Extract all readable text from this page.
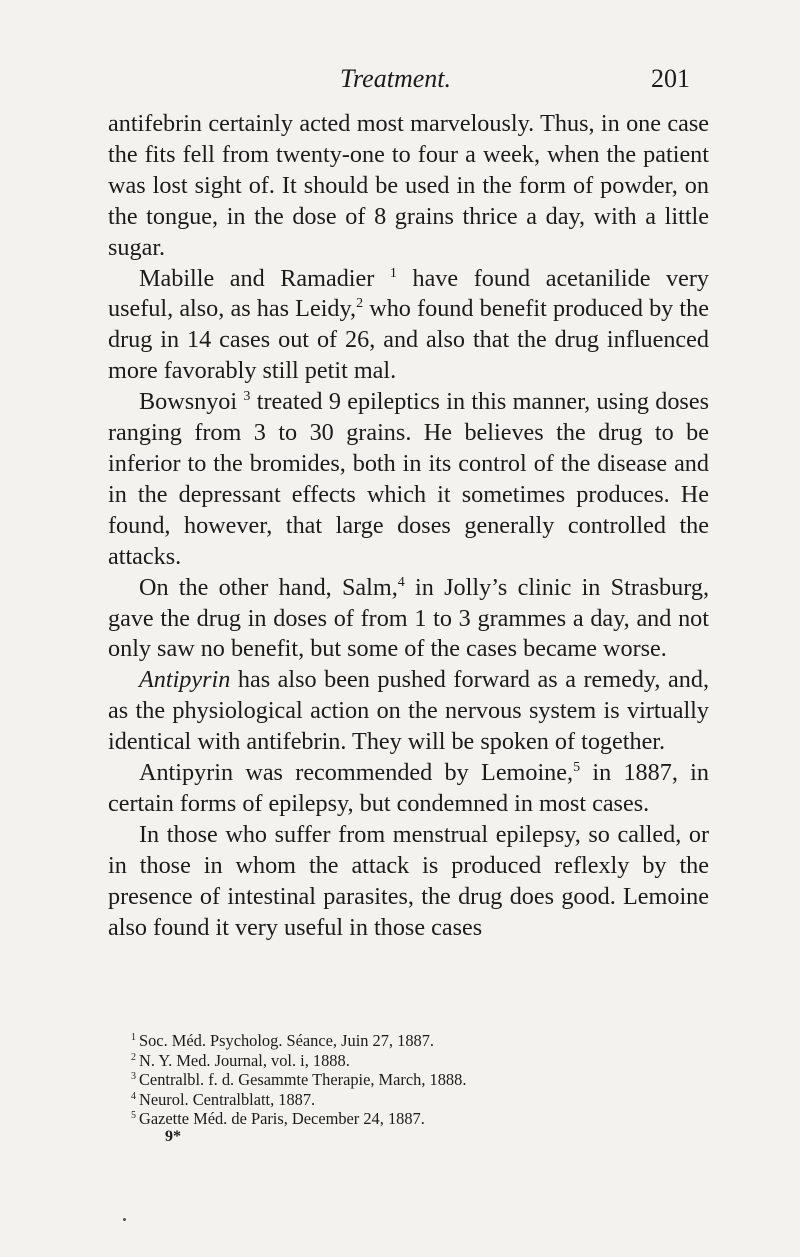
Treatment.	201

antifebrin certainly acted most marvelously. Thus, in one case the fits fell from twenty-one to four a week, when the patient was lost sight of. It should be used in the form of powder, on the tongue, in the dose of 8 grains thrice a day, with a little sugar.

Mabille and Ramadier $^1$ have found acetanilide very useful, also, as has Leidy,$^2$ who found benefit produced by the drug in 14 cases out of 26, and also that the drug influenced more favorably still petit mal.

Bowsnyoi $^3$ treated 9 epileptics in this manner, using doses ranging from 3 to 30 grains. He believes the drug to be inferior to the bromides, both in its control of the disease and in the depressant effects which it sometimes produces. He found, however, that large doses generally controlled the attacks.

On the other hand, Salm,$^4$ in Jolly’s clinic in Strasburg, gave the drug in doses of from 1 to 3 grammes a day, and not only saw no benefit, but some of the cases became worse.

Antipyrin has also been pushed forward as a remedy, and, as the physiological action on the nervous system is virtually identical with antifebrin. They will be spoken of together.

Antipyrin was recommended by Lemoine,$^5$ in 1887, in certain forms of epilepsy, but condemned in most cases.

In those who suffer from menstrual epilepsy, so called, or in those in whom the attack is produced reflexly by the presence of intestinal parasites, the drug does good. Lemoine also found it very useful in those cases

$^1$ Soc. Méd. Psycholog. Séance, Juin 27, 1887.
$^2$ N. Y. Med. Journal, vol. i, 1888.
$^3$ Centralbl. f. d. Gesammte Therapie, March, 1888.
$^4$ Neurol. Centralblatt, 1887.
$^5$ Gazette Méd. de Paris, December 24, 1887.
9*
